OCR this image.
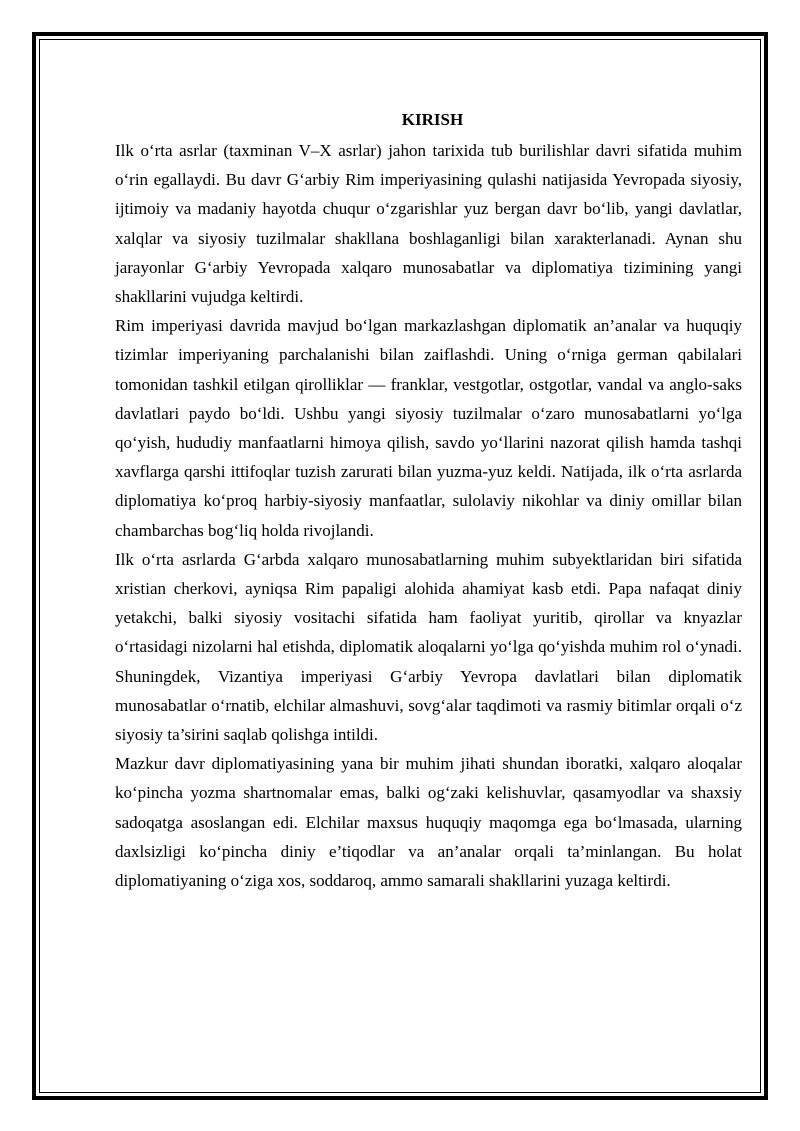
KIRISH

Ilk o‘rta asrlar (taxminan V–X asrlar) jahon tarixida tub burilishlar davri sifatida muhim o‘rin egallaydi. Bu davr G‘arbiy Rim imperiyasining qulashi natijasida Yevropada siyosiy, ijtimoiy va madaniy hayotda chuqur o‘zgarishlar yuz bergan davr bo‘lib, yangi davlatlar, xalqlar va siyosiy tuzilmalar shakllana boshlaganligi bilan xarakterlanadi. Aynan shu jarayonlar G‘arbiy Yevropada xalqaro munosabatlar va diplomatiya tizimining yangi shakllarini vujudga keltirdi.

Rim imperiyasi davrida mavjud bo‘lgan markazlashgan diplomatik an’analar va huquqiy tizimlar imperiyaning parchalanishi bilan zaiflashdi. Uning o‘rniga german qabilalari tomonidan tashkil etilgan qirolliklar — franklar, vestgotlar, ostgotlar, vandal va anglo-saks davlatlari paydo bo‘ldi. Ushbu yangi siyosiy tuzilmalar o‘zaro munosabatlarni yo‘lga qo‘yish, hududiy manfaatlarni himoya qilish, savdo yo‘llarini nazorat qilish hamda tashqi xavflarga qarshi ittifoqlar tuzish zarurati bilan yuzma-yuz keldi. Natijada, ilk o‘rta asrlarda diplomatiya ko‘proq harbiy-siyosiy manfaatlar, sulolaviy nikohlar va diniy omillar bilan chambarchas bog‘liq holda rivojlandi.

Ilk o‘rta asrlarda G‘arbda xalqaro munosabatlarning muhim subyektlaridan biri sifatida xristian cherkovi, ayniqsa Rim papaligi alohida ahamiyat kasb etdi. Papa nafaqat diniy yetakchi, balki siyosiy vositachi sifatida ham faoliyat yuritib, qirollar va knyazlar o‘rtasidagi nizolarni hal etishda, diplomatik aloqalarni yo‘lga qo‘yishda muhim rol o‘ynadi. Shuningdek, Vizantiya imperiyasi G‘arbiy Yevropa davlatlari bilan diplomatik munosabatlar o‘rnatib, elchilar almashuvi, sovg‘alar taqdimoti va rasmiy bitimlar orqali o‘z siyosiy ta’sirini saqlab qolishga intildi.

Mazkur davr diplomatiyasining yana bir muhim jihati shundan iboratki, xalqaro aloqalar ko‘pincha yozma shartnomalar emas, balki og‘zaki kelishuvlar, qasamyodlar va shaxsiy sadoqatga asoslangan edi. Elchilar maxsus huquqiy maqomga ega bo‘lmasada, ularning daxlsizligi ko‘pincha diniy e’tiqodlar va an’analar orqali ta’minlangan. Bu holat diplomatiyaning o‘ziga xos, soddaroq, ammo samarali shakllarini yuzaga keltirdi.
